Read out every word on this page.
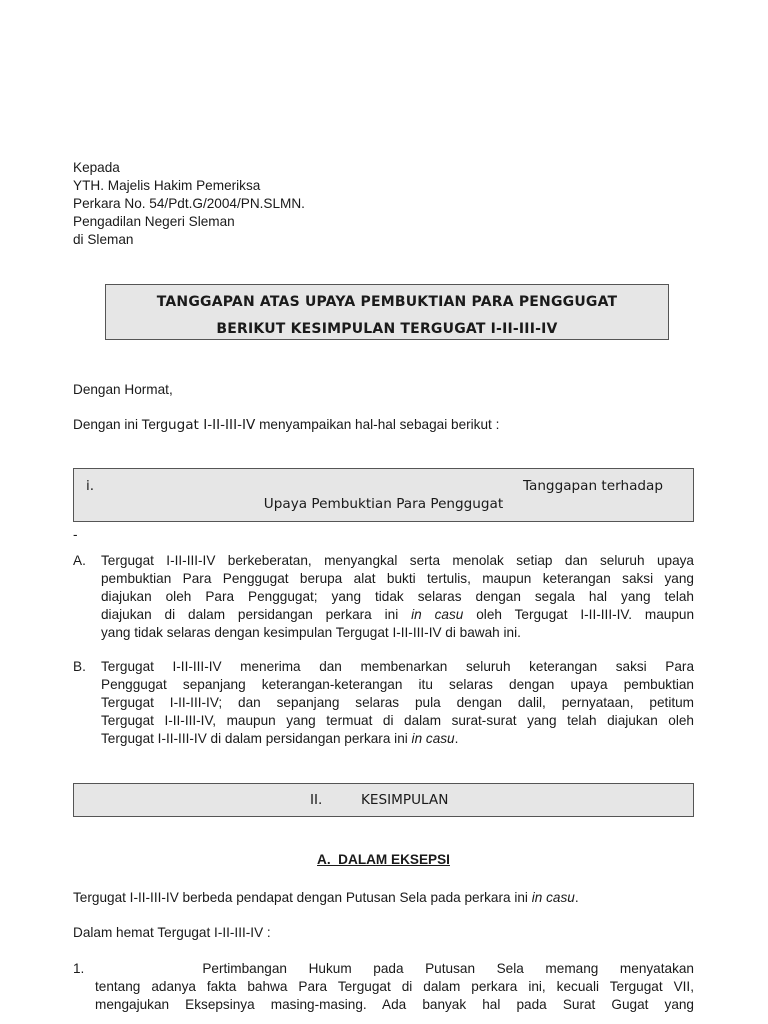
Kepada
YTH. Majelis Hakim Pemeriksa
Perkara No. 54/Pdt.G/2004/PN.SLMN.
Pengadilan Negeri Sleman
di Sleman
TANGGAPAN ATAS UPAYA PEMBUKTIAN PARA PENGGUGAT
BERIKUT KESIMPULAN TERGUGAT I-II-III-IV
Dengan Hormat,
Dengan ini Tergugat I-II-III-IV menyampaikan hal-hal sebagai berikut :
i.	Tanggapan terhadap
Upaya Pembuktian Para Penggugat
-
A. Tergugat I-II-III-IV berkeberatan, menyangkal serta menolak setiap dan seluruh upaya
pembuktian Para Penggugat berupa alat bukti tertulis, maupun keterangan saksi yang
diajukan oleh Para Penggugat; yang tidak selaras dengan segala hal yang telah
diajukan di dalam persidangan perkara ini in casu oleh Tergugat I-II-III-IV. maupun
yang tidak selaras dengan kesimpulan Tergugat I-II-III-IV di bawah ini.
B. Tergugat I-II-III-IV menerima dan membenarkan seluruh keterangan saksi Para
Penggugat sepanjang keterangan-keterangan itu selaras dengan upaya pembuktian
Tergugat I-II-III-IV; dan sepanjang selaras pula dengan dalil, pernyataan, petitum
Tergugat I-II-III-IV, maupun yang termuat di dalam surat-surat yang telah diajukan oleh
Tergugat I-II-III-IV di dalam persidangan perkara ini in casu.
II.	KESIMPULAN
A.  DALAM EKSEPSI
Tergugat I-II-III-IV berbeda pendapat dengan Putusan Sela pada perkara ini in casu.
Dalam hemat Tergugat I-II-III-IV :
1.	Pertimbangan Hukum pada Putusan Sela memang menyatakan
tentang adanya fakta bahwa Para Tergugat di dalam perkara ini, kecuali Tergugat VII,
mengajukan Eksepsinya masing-masing. Ada banyak hal pada Surat Gugat yang
